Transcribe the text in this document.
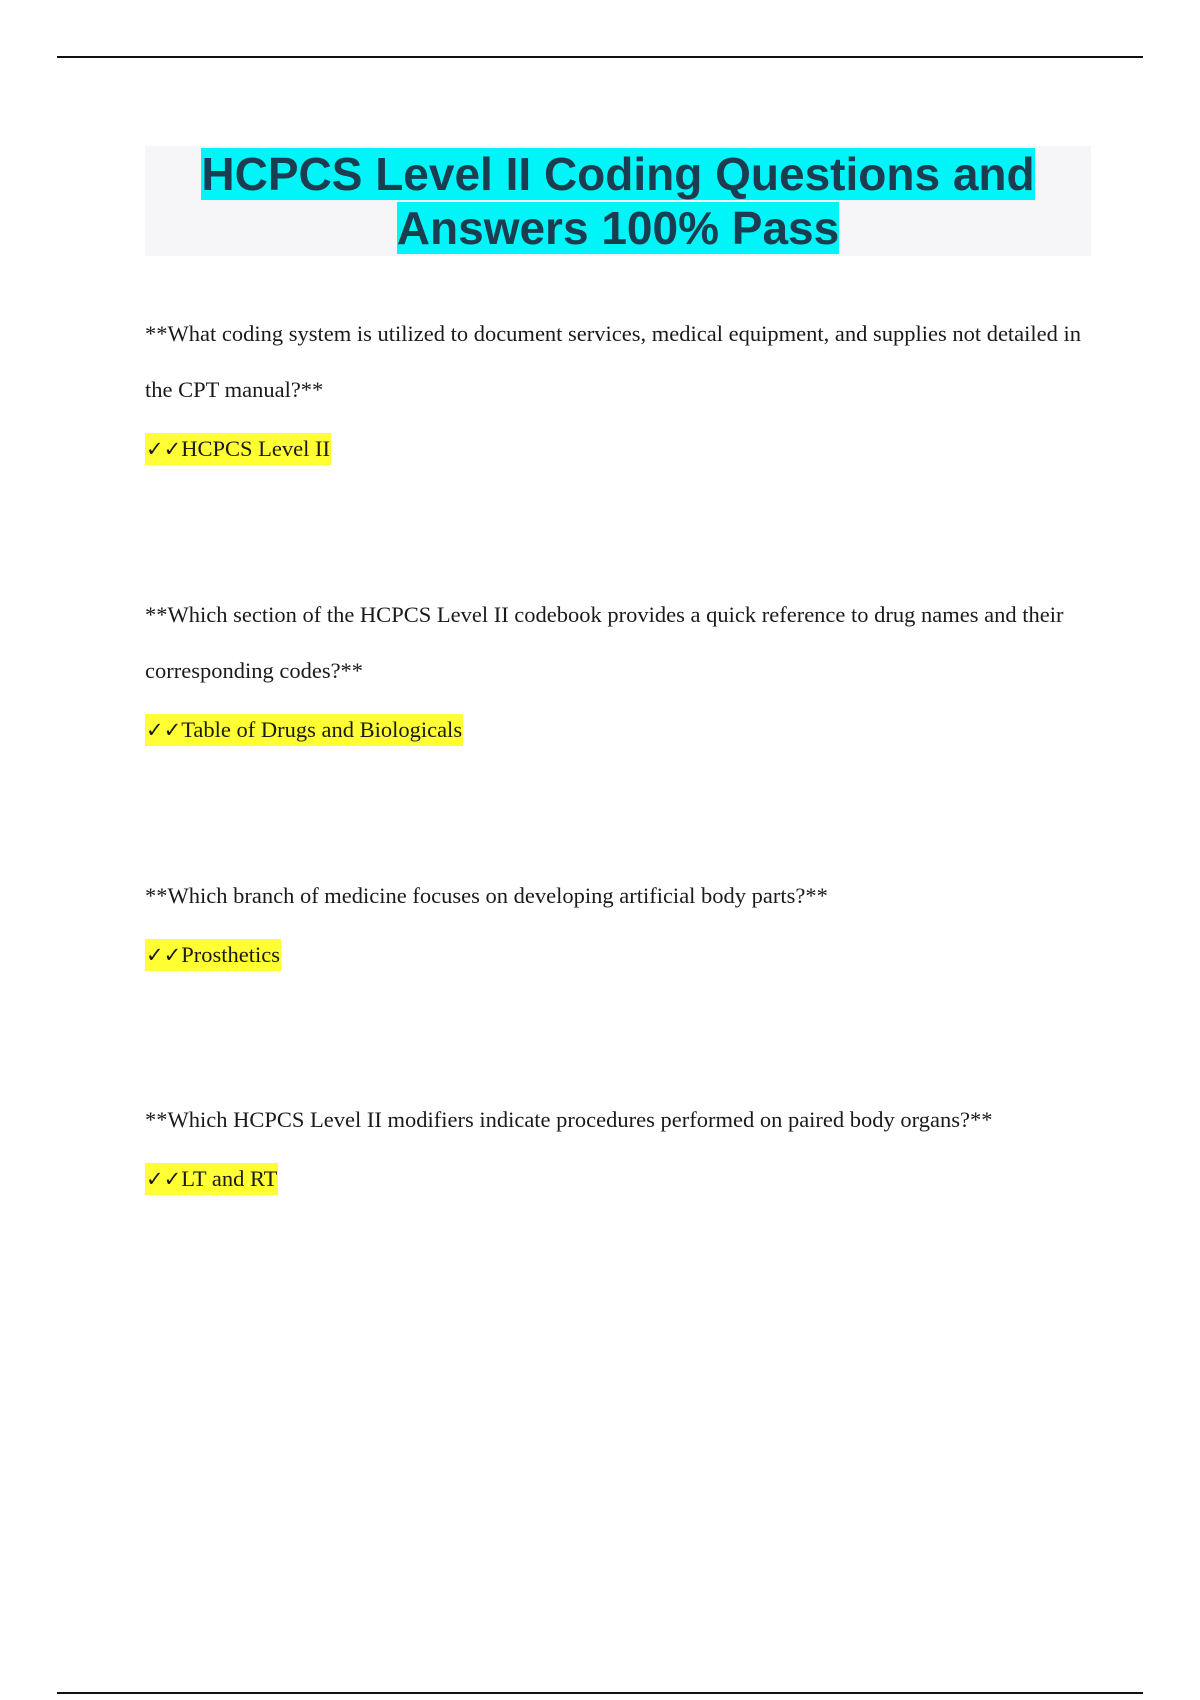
HCPCS Level II Coding Questions and Answers 100% Pass

**What coding system is utilized to document services, medical equipment, and supplies not detailed in the CPT manual?**

✓✓HCPCS Level II

**Which section of the HCPCS Level II codebook provides a quick reference to drug names and their corresponding codes?**

✓✓Table of Drugs and Biologicals

**Which branch of medicine focuses on developing artificial body parts?**

✓✓Prosthetics

**Which HCPCS Level II modifiers indicate procedures performed on paired body organs?**

✓✓LT and RT
